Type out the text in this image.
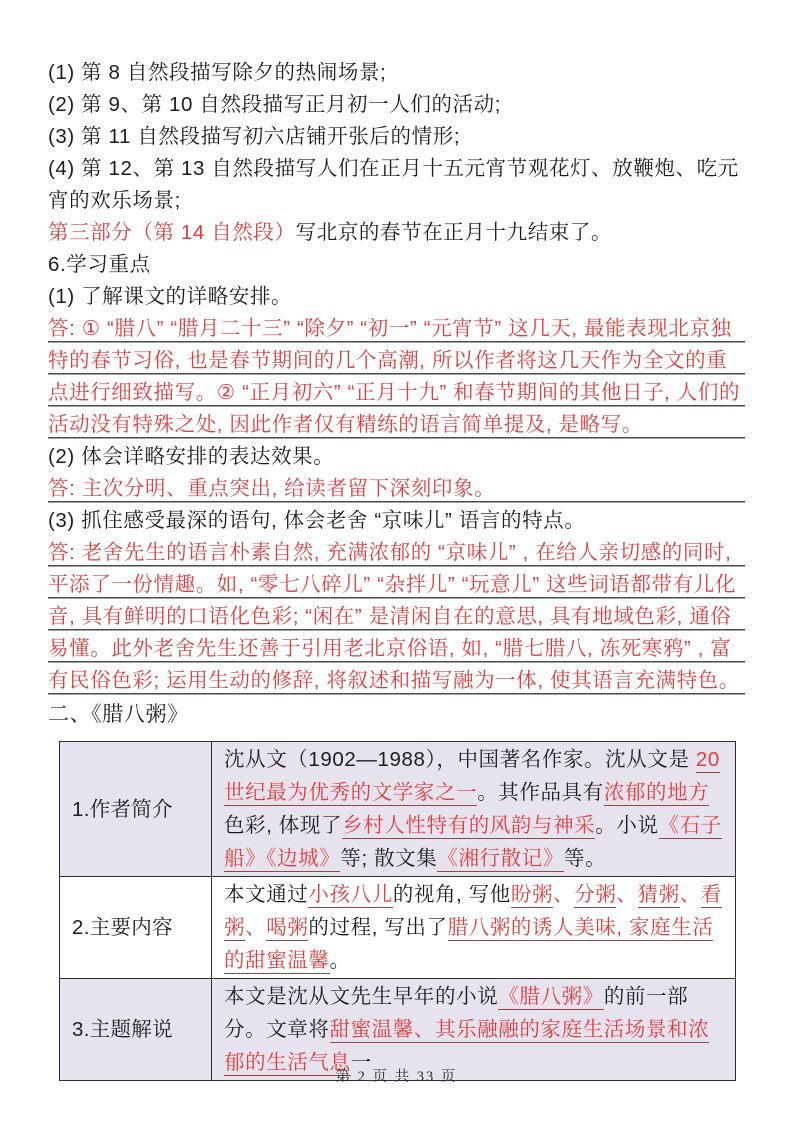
(1) 第 8 自然段描写除夕的热闹场景;

(2) 第 9、第 10 自然段描写正月初一人们的活动;

(3) 第 11 自然段描写初六店铺开张后的情形;

(4) 第 12、第 13 自然段描写人们在正月十五元宵节观花灯、放鞭炮、吃元宵的欢乐场景;

第三部分（第 14 自然段）写北京的春节在正月十九结束了。

6.学习重点

(1) 了解课文的详略安排。

答: ① “腊八” “腊月二十三” “除夕” “初一” “元宵节” 这几天, 最能表现北京独特的春节习俗, 也是春节期间的几个高潮, 所以作者将这几天作为全文的重点进行细致描写。② “正月初六” “正月十九” 和春节期间的其他日子, 人们的活动没有特殊之处, 因此作者仅有精练的语言简单提及, 是略写。

(2) 体会详略安排的表达效果。

答: 主次分明、重点突出, 给读者留下深刻印象。

(3) 抓住感受最深的语句, 体会老舍 “京味儿” 语言的特点。

答: 老舍先生的语言朴素自然, 充满浓郁的 “京味儿” , 在给人亲切感的同时, 平添了一份情趣。如, “零七八碎儿” “杂拌儿” “玩意儿” 这些词语都带有儿化音, 具有鲜明的口语化色彩; “闲在” 是清闲自在的意思, 具有地域色彩, 通俗易懂。此外老舍先生还善于引用老北京俗语, 如, “腊七腊八, 冻死寒鸦” , 富有民俗色彩; 运用生动的修辞, 将叙述和描写融为一体, 使其语言充满特色。

二、《腊八粥》
1.作者简介	沈从文（1902—1988），中国著名作家。沈从文是 20 世纪最为优秀的文学家之一。其作品具有浓郁的地方色彩, 体现了乡村人性特有的风韵与神采。小说《石子船》《边城》等; 散文集《湘行散记》等。
2.主要内容	本文通过小孩八儿的视角, 写他盼粥、分粥、猜粥、看粥、喝粥的过程, 写出了腊八粥的诱人美味, 家庭生活的甜蜜温馨。
3.主题解说	本文是沈从文先生早年的小说《腊八粥》的前一部分。文章将甜蜜温馨、其乐融融的家庭生活场景和浓郁的生活气息一
第 2 页 共 33 页
